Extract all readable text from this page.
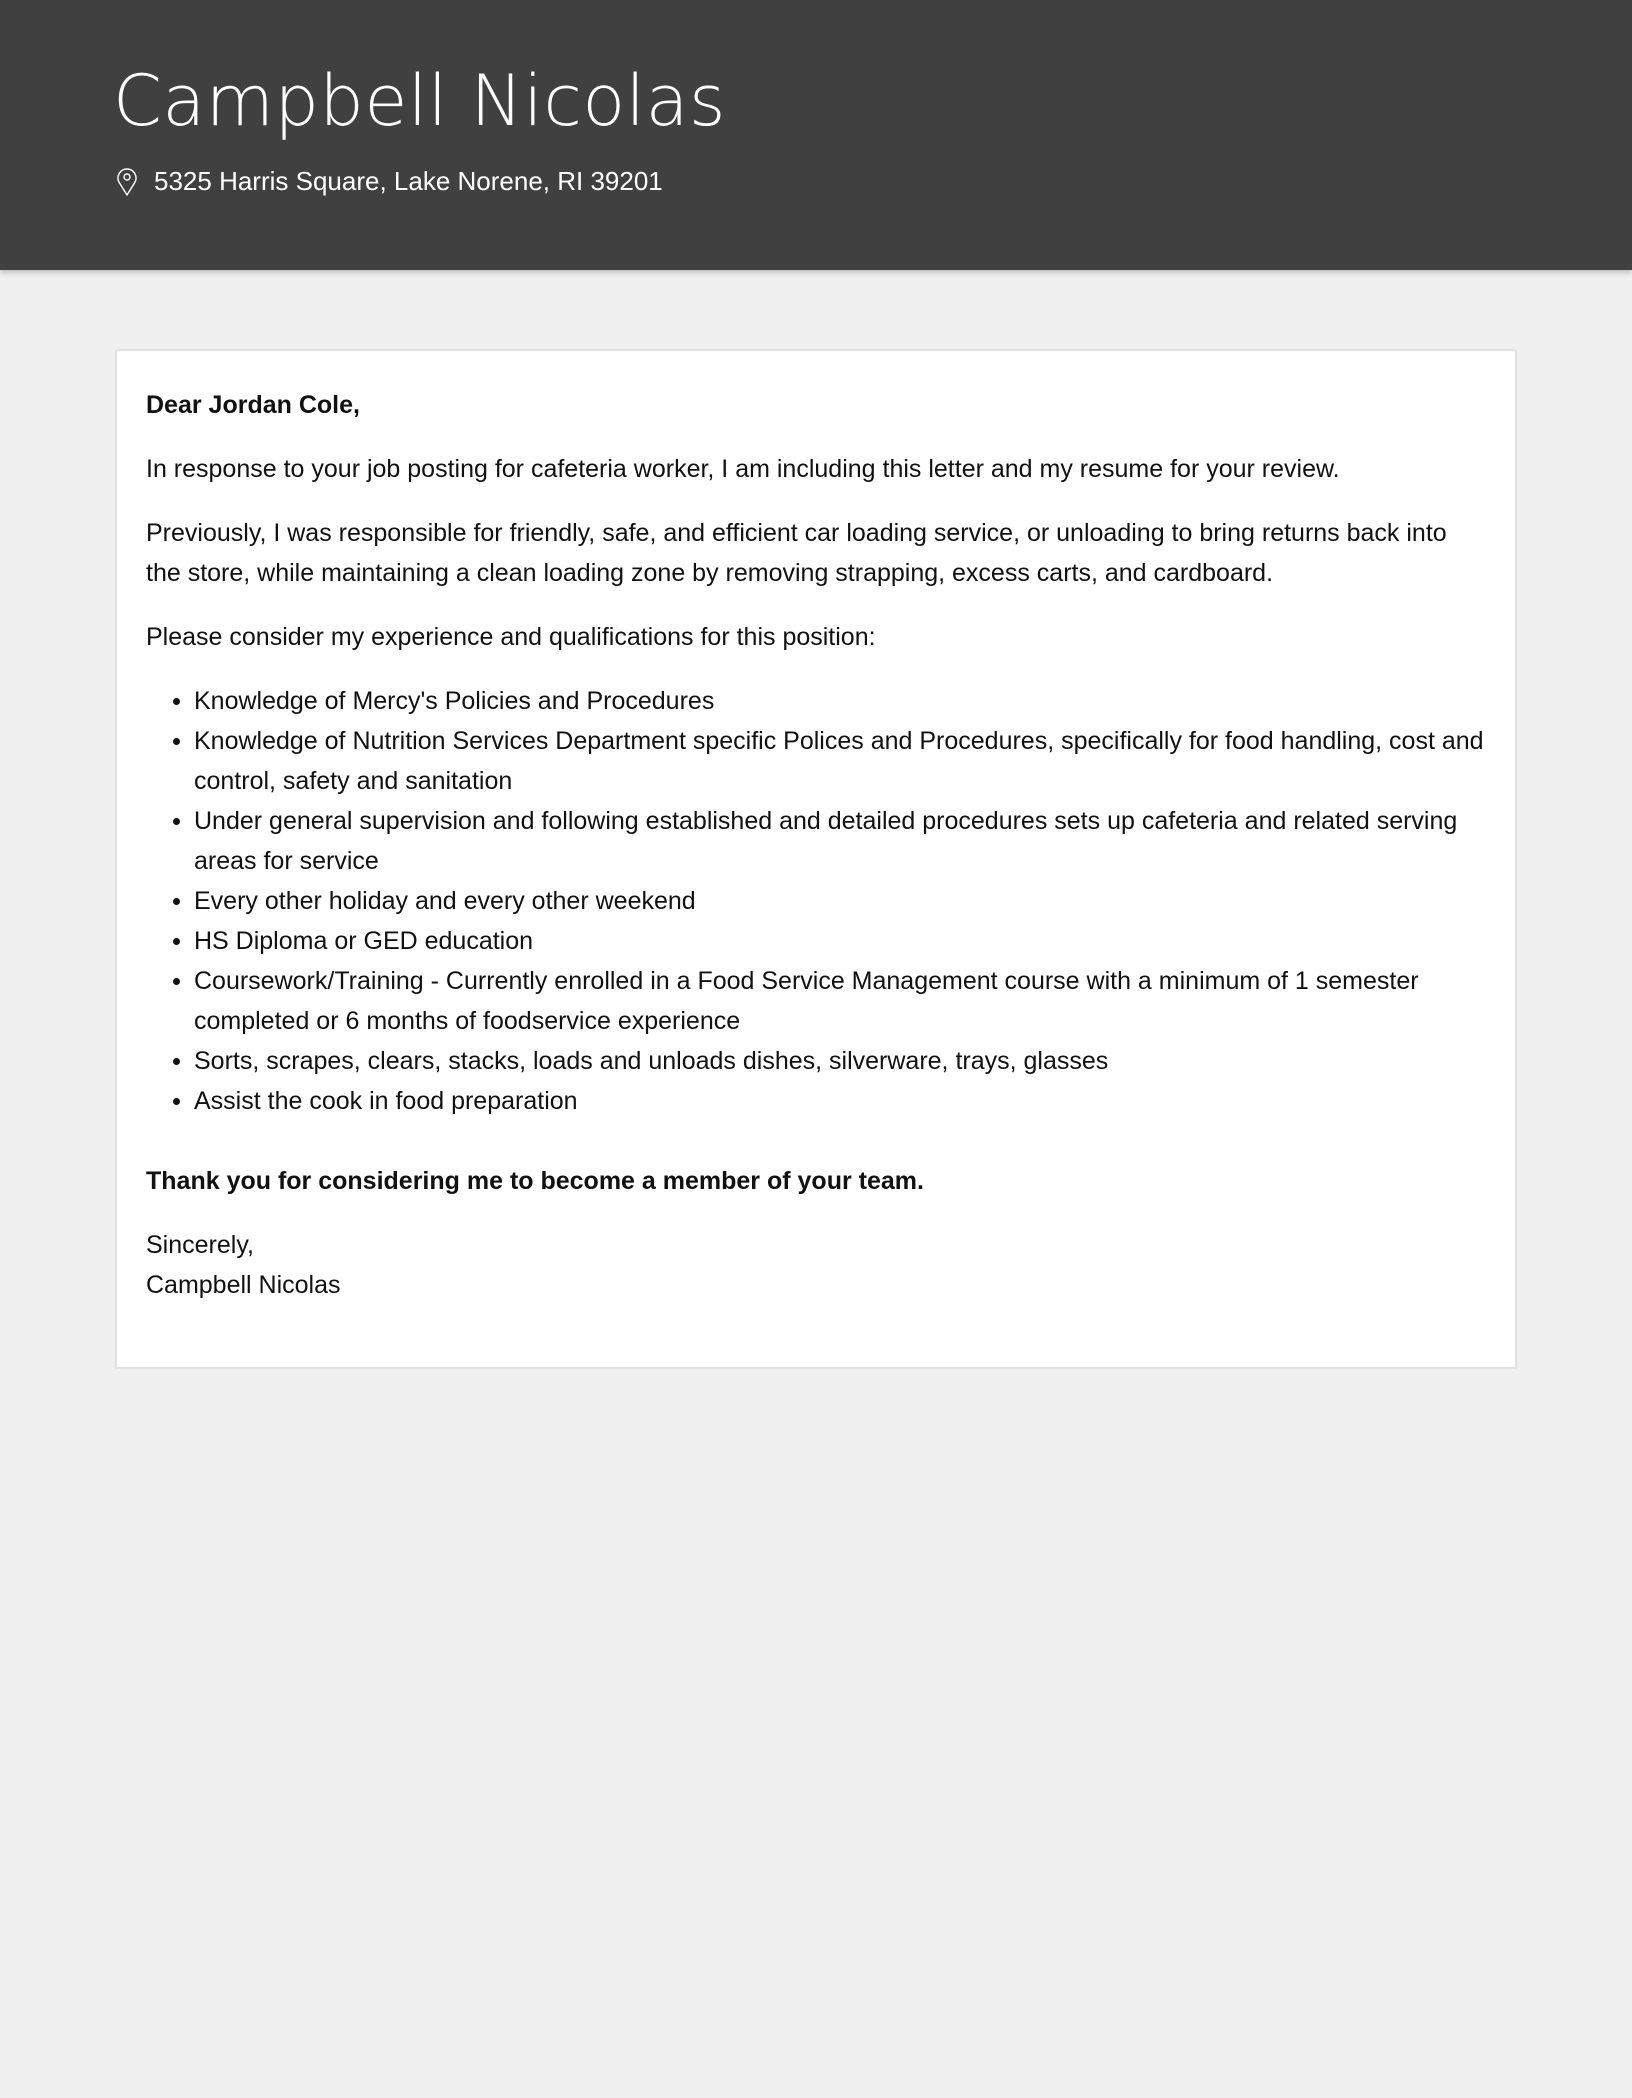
Campbell Nicolas
5325 Harris Square, Lake Norene, RI 39201

Dear Jordan Cole,

In response to your job posting for cafeteria worker, I am including this letter and my resume for your review.

Previously, I was responsible for friendly, safe, and efficient car loading service, or unloading to bring returns back into the store, while maintaining a clean loading zone by removing strapping, excess carts, and cardboard.

Please consider my experience and qualifications for this position:

Knowledge of Mercy's Policies and Procedures
Knowledge of Nutrition Services Department specific Polices and Procedures, specifically for food handling, cost and control, safety and sanitation
Under general supervision and following established and detailed procedures sets up cafeteria and related serving areas for service
Every other holiday and every other weekend
HS Diploma or GED education
Coursework/Training - Currently enrolled in a Food Service Management course with a minimum of 1 semester completed or 6 months of foodservice experience
Sorts, scrapes, clears, stacks, loads and unloads dishes, silverware, trays, glasses
Assist the cook in food preparation

Thank you for considering me to become a member of your team.

Sincerely,
Campbell Nicolas
